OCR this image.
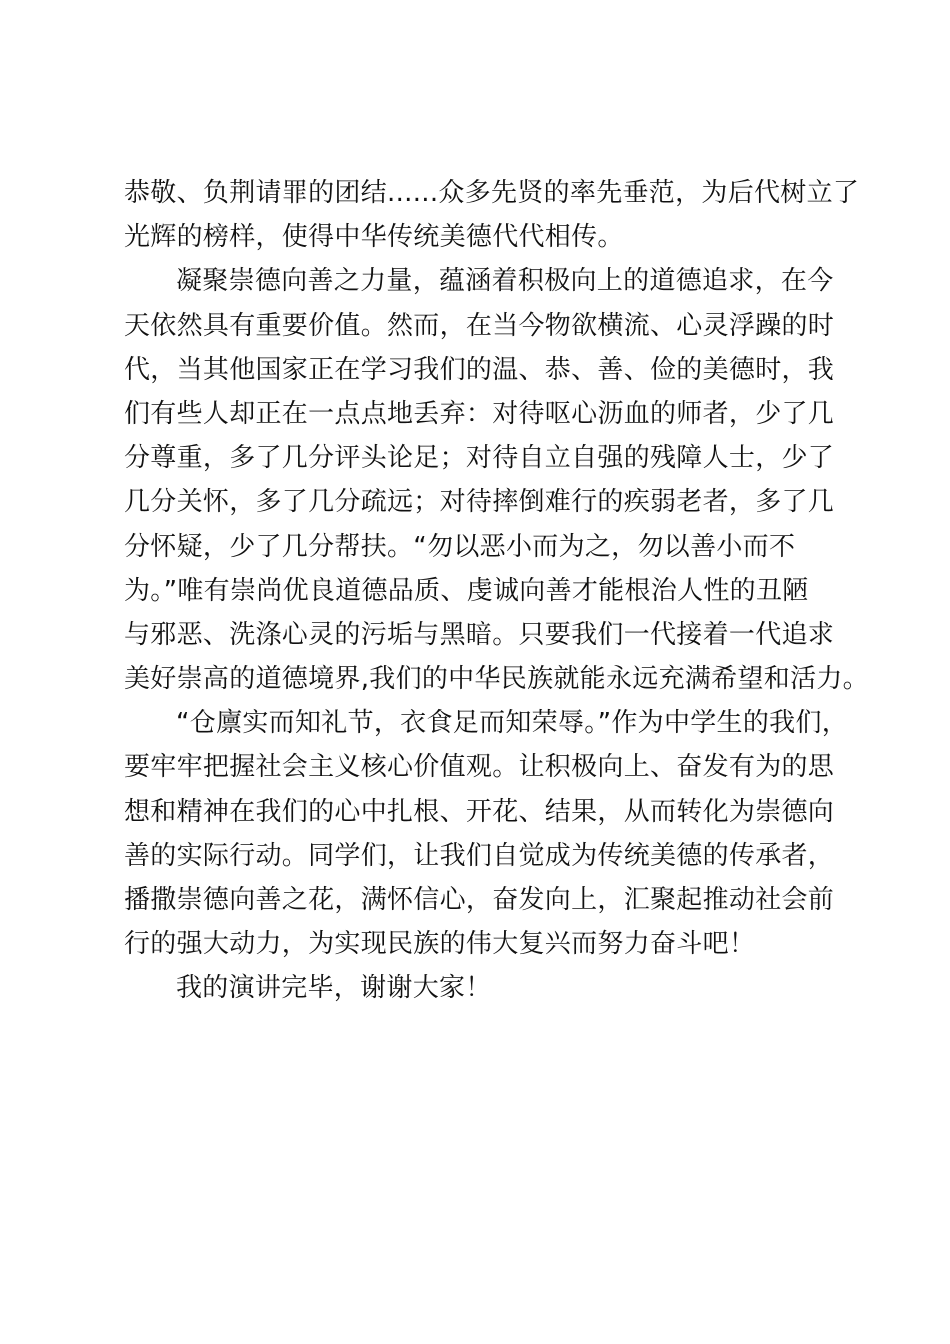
恭敬、负荆请罪的团结......众多先贤的率先垂范，为后代树立了
光辉的榜样，使得中华传统美德代代相传。
凝聚崇德向善之力量，蕴涵着积极向上的道德追求，在今
天依然具有重要价值。然而，在当今物欲横流、心灵浮躁的时
代，当其他国家正在学习我们的温、恭、善、俭的美德时，我
们有些人却正在一点点地丢弃：对待呕心沥血的师者，少了几
分尊重，多了几分评头论足；对待自立自强的残障人士，少了
几分关怀，多了几分疏远；对待摔倒难行的疾弱老者，多了几
分怀疑，少了几分帮扶。“勿以恶小而为之，勿以善小而不
为。”唯有崇尚优良道德品质、虔诚向善才能根治人性的丑陋
与邪恶、洗涤心灵的污垢与黑暗。只要我们一代接着一代追求
美好崇高的道德境界,我们的中华民族就能永远充满希望和活力。
“仓廪实而知礼节，衣食足而知荣辱。”作为中学生的我们，
要牢牢把握社会主义核心价值观。让积极向上、奋发有为的思
想和精神在我们的心中扎根、开花、结果，从而转化为崇德向
善的实际行动。同学们，让我们自觉成为传统美德的传承者，
播撒崇德向善之花，满怀信心，奋发向上，汇聚起推动社会前
行的强大动力，为实现民族的伟大复兴而努力奋斗吧！
我的演讲完毕，谢谢大家！
